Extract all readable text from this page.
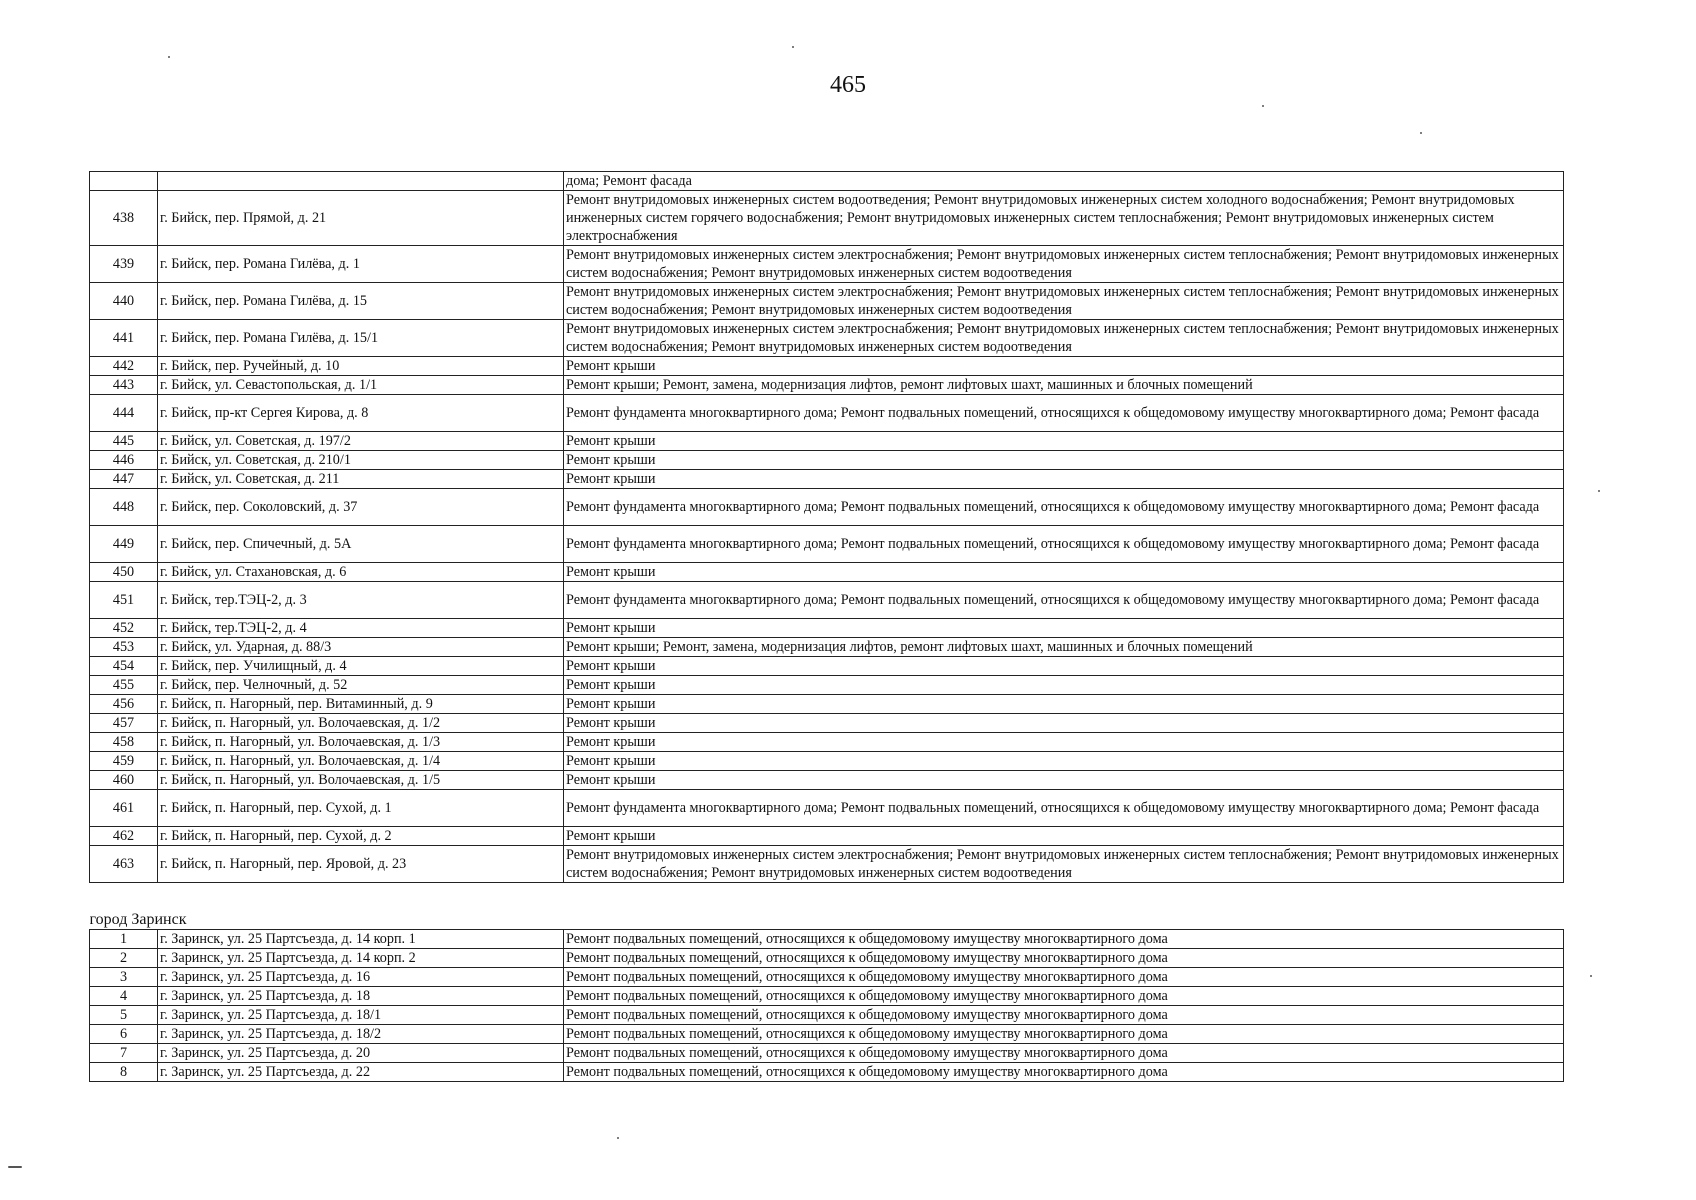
465
		дома; Ремонт фасада
438	г. Бийск, пер. Прямой, д. 21	Ремонт внутридомовых инженерных систем водоотведения; Ремонт внутридомовых инженерных систем холодного водоснабжения; Ремонт внутридомовых инженерных систем горячего водоснабжения; Ремонт внутридомовых инженерных систем теплоснабжения; Ремонт внутридомовых инженерных систем электроснабжения
439	г. Бийск, пер. Романа Гилёва, д. 1	Ремонт внутридомовых инженерных систем электроснабжения; Ремонт внутридомовых инженерных систем теплоснабжения; Ремонт внутридомовых инженерных систем водоснабжения; Ремонт внутридомовых инженерных систем водоотведения
440	г. Бийск, пер. Романа Гилёва, д. 15	Ремонт внутридомовых инженерных систем электроснабжения; Ремонт внутридомовых инженерных систем теплоснабжения; Ремонт внутридомовых инженерных систем водоснабжения; Ремонт внутридомовых инженерных систем водоотведения
441	г. Бийск, пер. Романа Гилёва, д. 15/1	Ремонт внутридомовых инженерных систем электроснабжения; Ремонт внутридомовых инженерных систем теплоснабжения; Ремонт внутридомовых инженерных систем водоснабжения; Ремонт внутридомовых инженерных систем водоотведения
442	г. Бийск, пер. Ручейный, д. 10	Ремонт крыши
443	г. Бийск, ул. Севастопольская, д. 1/1	Ремонт крыши; Ремонт, замена, модернизация лифтов, ремонт лифтовых шахт, машинных и блочных помещений
444	г. Бийск, пр-кт Сергея Кирова, д. 8	Ремонт фундамента многоквартирного дома; Ремонт подвальных помещений, относящихся к общедомовому имуществу многоквартирного дома; Ремонт фасада
445	г. Бийск, ул. Советская, д. 197/2	Ремонт крыши
446	г. Бийск, ул. Советская, д. 210/1	Ремонт крыши
447	г. Бийск, ул. Советская, д. 211	Ремонт крыши
448	г. Бийск, пер. Соколовский, д. 37	Ремонт фундамента многоквартирного дома; Ремонт подвальных помещений, относящихся к общедомовому имуществу многоквартирного дома; Ремонт фасада
449	г. Бийск, пер. Спичечный, д. 5А	Ремонт фундамента многоквартирного дома; Ремонт подвальных помещений, относящихся к общедомовому имуществу многоквартирного дома; Ремонт фасада
450	г. Бийск, ул. Стахановская, д. 6	Ремонт крыши
451	г. Бийск, тер.ТЭЦ-2, д. 3	Ремонт фундамента многоквартирного дома; Ремонт подвальных помещений, относящихся к общедомовому имуществу многоквартирного дома; Ремонт фасада
452	г. Бийск, тер.ТЭЦ-2, д. 4	Ремонт крыши
453	г. Бийск, ул. Ударная, д. 88/3	Ремонт крыши; Ремонт, замена, модернизация лифтов, ремонт лифтовых шахт, машинных и блочных помещений
454	г. Бийск, пер. Училищный, д. 4	Ремонт крыши
455	г. Бийск, пер. Челночный, д. 52	Ремонт крыши
456	г. Бийск, п. Нагорный, пер. Витаминный, д. 9	Ремонт крыши
457	г. Бийск, п. Нагорный, ул. Волочаевская, д. 1/2	Ремонт крыши
458	г. Бийск, п. Нагорный, ул. Волочаевская, д. 1/3	Ремонт крыши
459	г. Бийск, п. Нагорный, ул. Волочаевская, д. 1/4	Ремонт крыши
460	г. Бийск, п. Нагорный, ул. Волочаевская, д. 1/5	Ремонт крыши
461	г. Бийск, п. Нагорный, пер. Сухой, д. 1	Ремонт фундамента многоквартирного дома; Ремонт подвальных помещений, относящихся к общедомовому имуществу многоквартирного дома; Ремонт фасада
462	г. Бийск, п. Нагорный, пер. Сухой, д. 2	Ремонт крыши
463	г. Бийск, п. Нагорный, пер. Яровой, д. 23	Ремонт внутридомовых инженерных систем электроснабжения; Ремонт внутридомовых инженерных систем теплоснабжения; Ремонт внутридомовых инженерных систем водоснабжения; Ремонт внутридомовых инженерных систем водоотведения

город Заринск		
1	г. Заринск, ул. 25 Партсъезда, д. 14 корп. 1	Ремонт подвальных помещений, относящихся к общедомовому имуществу многоквартирного дома
2	г. Заринск, ул. 25 Партсъезда, д. 14 корп. 2	Ремонт подвальных помещений, относящихся к общедомовому имуществу многоквартирного дома
3	г. Заринск, ул. 25 Партсъезда, д. 16	Ремонт подвальных помещений, относящихся к общедомовому имуществу многоквартирного дома
4	г. Заринск, ул. 25 Партсъезда, д. 18	Ремонт подвальных помещений, относящихся к общедомовому имуществу многоквартирного дома
5	г. Заринск, ул. 25 Партсъезда, д. 18/1	Ремонт подвальных помещений, относящихся к общедомовому имуществу многоквартирного дома
6	г. Заринск, ул. 25 Партсъезда, д. 18/2	Ремонт подвальных помещений, относящихся к общедомовому имуществу многоквартирного дома
7	г. Заринск, ул. 25 Партсъезда, д. 20	Ремонт подвальных помещений, относящихся к общедомовому имуществу многоквартирного дома
8	г. Заринск, ул. 25 Партсъезда, д. 22	Ремонт подвальных помещений, относящихся к общедомовому имуществу многоквартирного дома
